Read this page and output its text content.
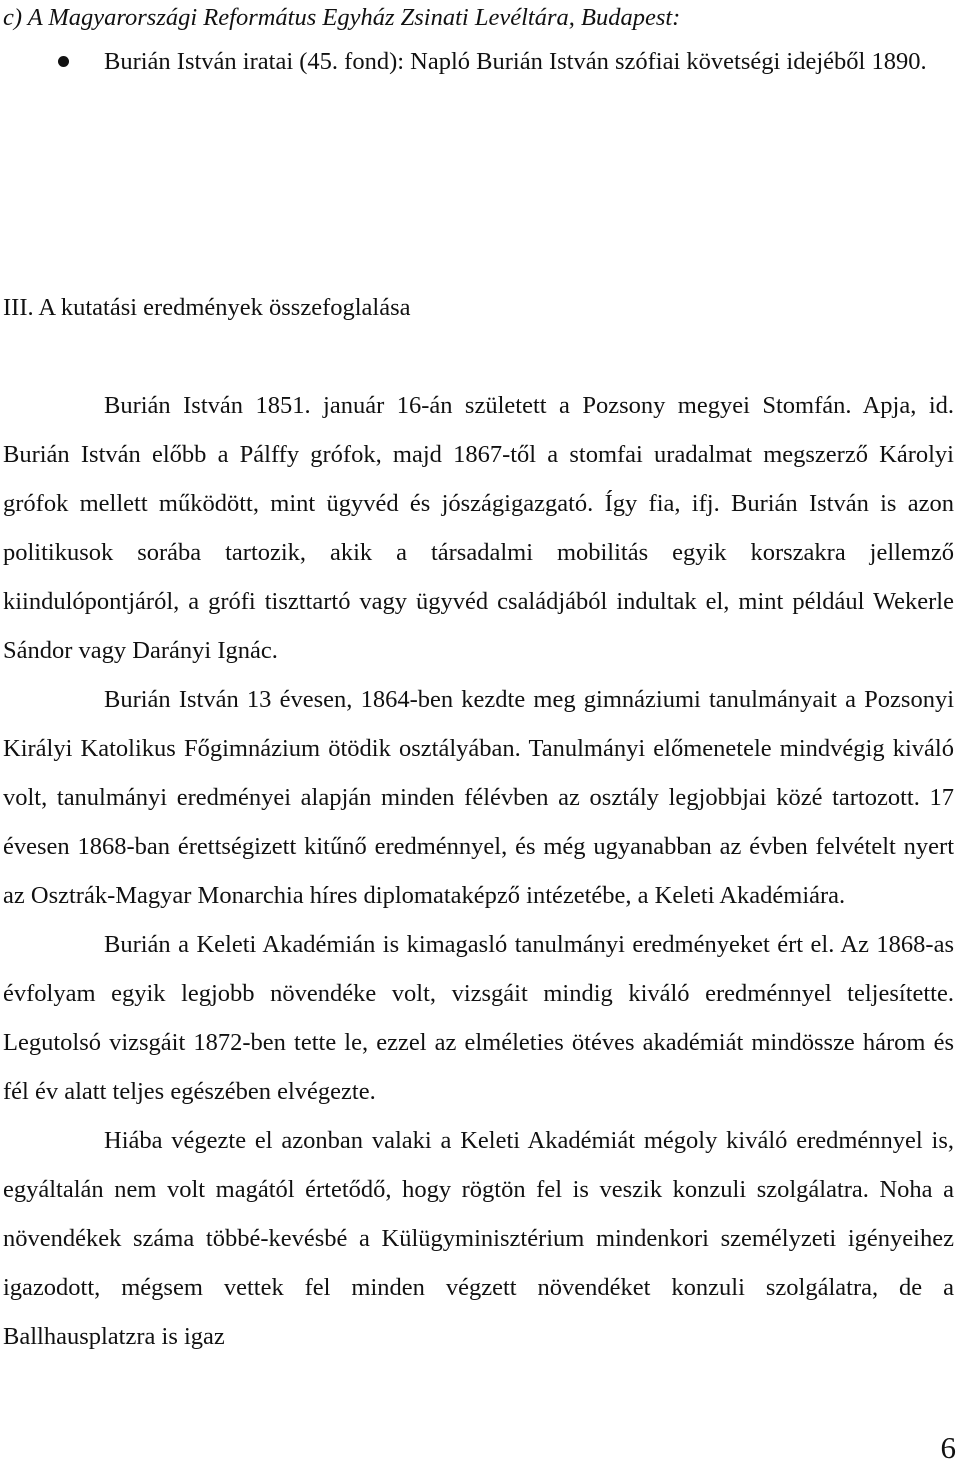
c) A Magyarországi Református Egyház Zsinati Levéltára, Budapest:

Burián István iratai (45. fond): Napló Burián István szófiai követségi idejéből 1890.
III. A kutatási eredmények összefoglalása

Burián István 1851. január 16-án született a Pozsony megyei Stomfán. Apja, id. Burián István előbb a Pálffy grófok, majd 1867-től a stomfai uradalmat megszerző Károlyi grófok mellett működött, mint ügyvéd és jószágigazgató. Így fia, ifj. Burián István is azon politikusok sorába tartozik, akik a társadalmi mobilitás egyik korszakra jellemző kiindulópontjáról, a grófi tiszttartó vagy ügyvéd családjából indultak el, mint például Wekerle Sándor vagy Darányi Ignác.

Burián István 13 évesen, 1864-ben kezdte meg gimnáziumi tanulmányait a Pozsonyi Királyi Katolikus Főgimnázium ötödik osztályában. Tanulmányi előmenetele mindvégig kiváló volt, tanulmányi eredményei alapján minden félévben az osztály legjobbjai közé tartozott. 17 évesen 1868-ban érettségizett kitűnő eredménnyel, és még ugyanabban az évben felvételt nyert az Osztrák-Magyar Monarchia híres diplomataképző intézetébe, a Keleti Akadémiára.

Burián a Keleti Akadémián is kimagasló tanulmányi eredményeket ért el. Az 1868-as évfolyam egyik legjobb növendéke volt, vizsgáit mindig kiváló eredménnyel teljesítette. Legutolsó vizsgáit 1872-ben tette le, ezzel az elméleties ötéves akadémiát mindössze három és fél év alatt teljes egészében elvégezte.

Hiába végezte el azonban valaki a Keleti Akadémiát mégoly kiváló eredménnyel is, egyáltalán nem volt magától értetődő, hogy rögtön fel is veszik konzuli szolgálatra. Noha a növendékek száma többé-kevésbé a Külügyminisztérium mindenkori személyzeti igényeihez igazodott, mégsem vettek fel minden végzett növendéket konzuli szolgálatra, de a Ballhausplatzra is igaz

6
